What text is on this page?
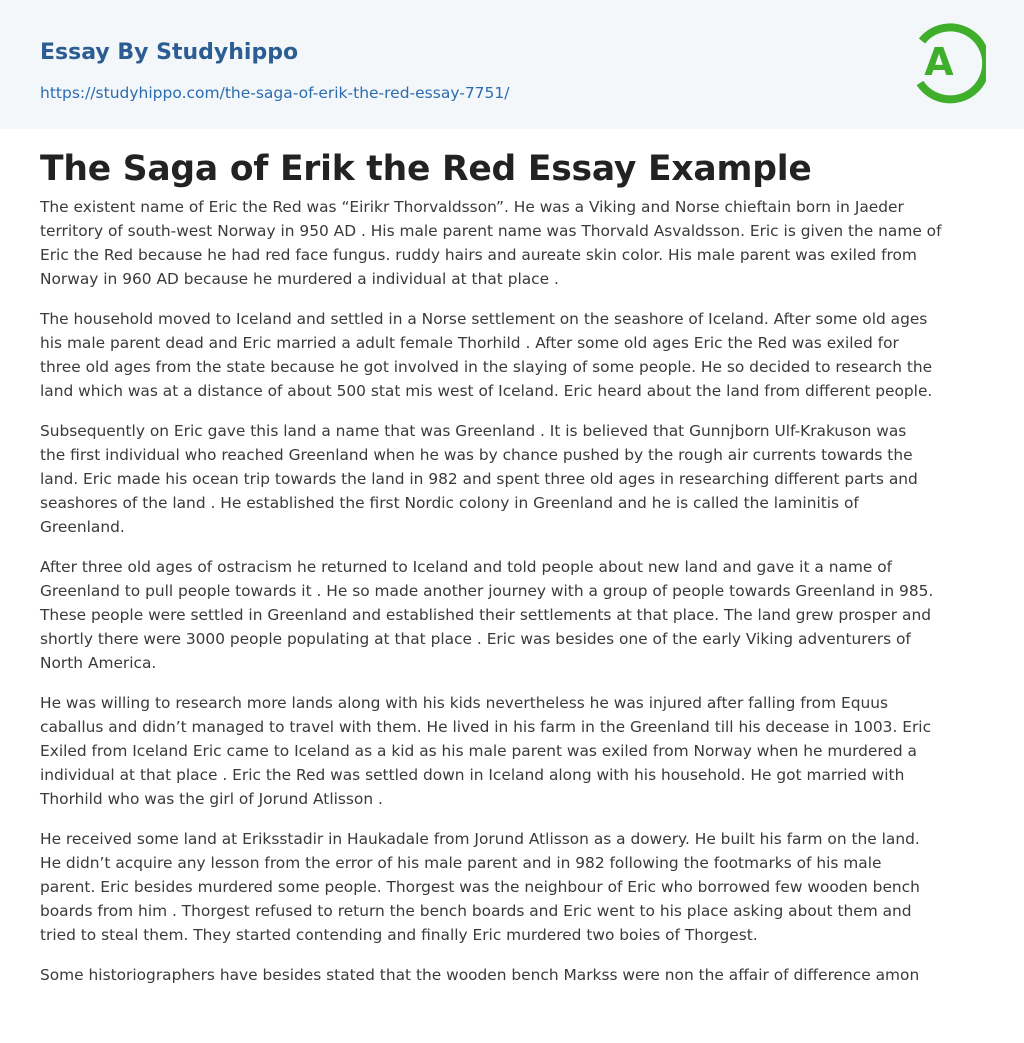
Essay By Studyhippo
https://studyhippo.com/the-saga-of-erik-the-red-essay-7751/
A
The Saga of Erik the Red Essay Example

The existent name of Eric the Red was “Eirikr Thorvaldsson”. He was a Viking and Norse chieftain born in Jaeder
territory of south-west Norway in 950 AD . His male parent name was Thorvald Asvaldsson. Eric is given the name of
Eric the Red because he had red face fungus. ruddy hairs and aureate skin color. His male parent was exiled from
Norway in 960 AD because he murdered a individual at that place .

The household moved to Iceland and settled in a Norse settlement on the seashore of Iceland. After some old ages
his male parent dead and Eric married a adult female Thorhild . After some old ages Eric the Red was exiled for
three old ages from the state because he got involved in the slaying of some people. He so decided to research the
land which was at a distance of about 500 stat mis west of Iceland. Eric heard about the land from different people.

Subsequently on Eric gave this land a name that was Greenland . It is believed that Gunnjborn Ulf-Krakuson was
the first individual who reached Greenland when he was by chance pushed by the rough air currents towards the
land. Eric made his ocean trip towards the land in 982 and spent three old ages in researching different parts and
seashores of the land . He established the first Nordic colony in Greenland and he is called the laminitis of
Greenland.

After three old ages of ostracism he returned to Iceland and told people about new land and gave it a name of
Greenland to pull people towards it . He so made another journey with a group of people towards Greenland in 985.
These people were settled in Greenland and established their settlements at that place. The land grew prosper and
shortly there were 3000 people populating at that place . Eric was besides one of the early Viking adventurers of
North America.

He was willing to research more lands along with his kids nevertheless he was injured after falling from Equus
caballus and didn’t managed to travel with them. He lived in his farm in the Greenland till his decease in 1003. Eric
Exiled from Iceland Eric came to Iceland as a kid as his male parent was exiled from Norway when he murdered a
individual at that place . Eric the Red was settled down in Iceland along with his household. He got married with
Thorhild who was the girl of Jorund Atlisson .

He received some land at Eriksstadir in Haukadale from Jorund Atlisson as a dowery. He built his farm on the land.
He didn’t acquire any lesson from the error of his male parent and in 982 following the footmarks of his male
parent. Eric besides murdered some people. Thorgest was the neighbour of Eric who borrowed few wooden bench
boards from him . Thorgest refused to return the bench boards and Eric went to his place asking about them and
tried to steal them. They started contending and finally Eric murdered two boies of Thorgest.

Some historiographers have besides stated that the wooden bench Markss were non the affair of difference amon
